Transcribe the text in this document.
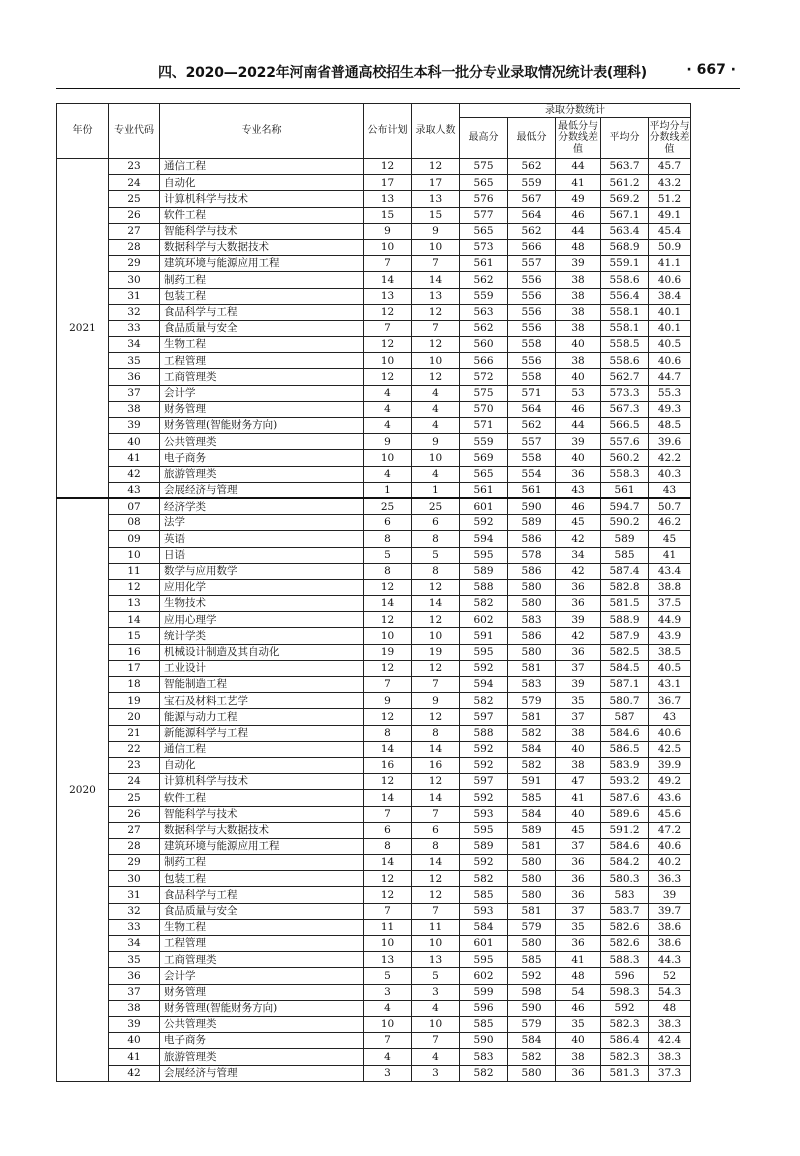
四、2020—2022年河南省普通高校招生本科一批分专业录取情况统计表(理科)	· 667 ·
年份	专业代码	专业名称	公布计划	录取人数	录取分数统计				
					最高分	最低分	最低分与分数线差值	平均分	平均分与分数线差值
2021	23	通信工程	12	12	575	562	44	563.7	45.7
	24	自动化	17	17	565	559	41	561.2	43.2
	25	计算机科学与技术	13	13	576	567	49	569.2	51.2
	26	软件工程	15	15	577	564	46	567.1	49.1
	27	智能科学与技术	9	9	565	562	44	563.4	45.4
	28	数据科学与大数据技术	10	10	573	566	48	568.9	50.9
	29	建筑环境与能源应用工程	7	7	561	557	39	559.1	41.1
	30	制药工程	14	14	562	556	38	558.6	40.6
	31	包装工程	13	13	559	556	38	556.4	38.4
	32	食品科学与工程	12	12	563	556	38	558.1	40.1
	33	食品质量与安全	7	7	562	556	38	558.1	40.1
	34	生物工程	12	12	560	558	40	558.5	40.5
	35	工程管理	10	10	566	556	38	558.6	40.6
	36	工商管理类	12	12	572	558	40	562.7	44.7
	37	会计学	4	4	575	571	53	573.3	55.3
	38	财务管理	4	4	570	564	46	567.3	49.3
	39	财务管理(智能财务方向)	4	4	571	562	44	566.5	48.5
	40	公共管理类	9	9	559	557	39	557.6	39.6
	41	电子商务	10	10	569	558	40	560.2	42.2
	42	旅游管理类	4	4	565	554	36	558.3	40.3
	43	会展经济与管理	1	1	561	561	43	561	43
2020	07	经济学类	25	25	601	590	46	594.7	50.7
	08	法学	6	6	592	589	45	590.2	46.2
	09	英语	8	8	594	586	42	589	45
	10	日语	5	5	595	578	34	585	41
	11	数学与应用数学	8	8	589	586	42	587.4	43.4
	12	应用化学	12	12	588	580	36	582.8	38.8
	13	生物技术	14	14	582	580	36	581.5	37.5
	14	应用心理学	12	12	602	583	39	588.9	44.9
	15	统计学类	10	10	591	586	42	587.9	43.9
	16	机械设计制造及其自动化	19	19	595	580	36	582.5	38.5
	17	工业设计	12	12	592	581	37	584.5	40.5
	18	智能制造工程	7	7	594	583	39	587.1	43.1
	19	宝石及材料工艺学	9	9	582	579	35	580.7	36.7
	20	能源与动力工程	12	12	597	581	37	587	43
	21	新能源科学与工程	8	8	588	582	38	584.6	40.6
	22	通信工程	14	14	592	584	40	586.5	42.5
	23	自动化	16	16	592	582	38	583.9	39.9
	24	计算机科学与技术	12	12	597	591	47	593.2	49.2
	25	软件工程	14	14	592	585	41	587.6	43.6
	26	智能科学与技术	7	7	593	584	40	589.6	45.6
	27	数据科学与大数据技术	6	6	595	589	45	591.2	47.2
	28	建筑环境与能源应用工程	8	8	589	581	37	584.6	40.6
	29	制药工程	14	14	592	580	36	584.2	40.2
	30	包装工程	12	12	582	580	36	580.3	36.3
	31	食品科学与工程	12	12	585	580	36	583	39
	32	食品质量与安全	7	7	593	581	37	583.7	39.7
	33	生物工程	11	11	584	579	35	582.6	38.6
	34	工程管理	10	10	601	580	36	582.6	38.6
	35	工商管理类	13	13	595	585	41	588.3	44.3
	36	会计学	5	5	602	592	48	596	52
	37	财务管理	3	3	599	598	54	598.3	54.3
	38	财务管理(智能财务方向)	4	4	596	590	46	592	48
	39	公共管理类	10	10	585	579	35	582.3	38.3
	40	电子商务	7	7	590	584	40	586.4	42.4
	41	旅游管理类	4	4	583	582	38	582.3	38.3
	42	会展经济与管理	3	3	582	580	36	581.3	37.3
